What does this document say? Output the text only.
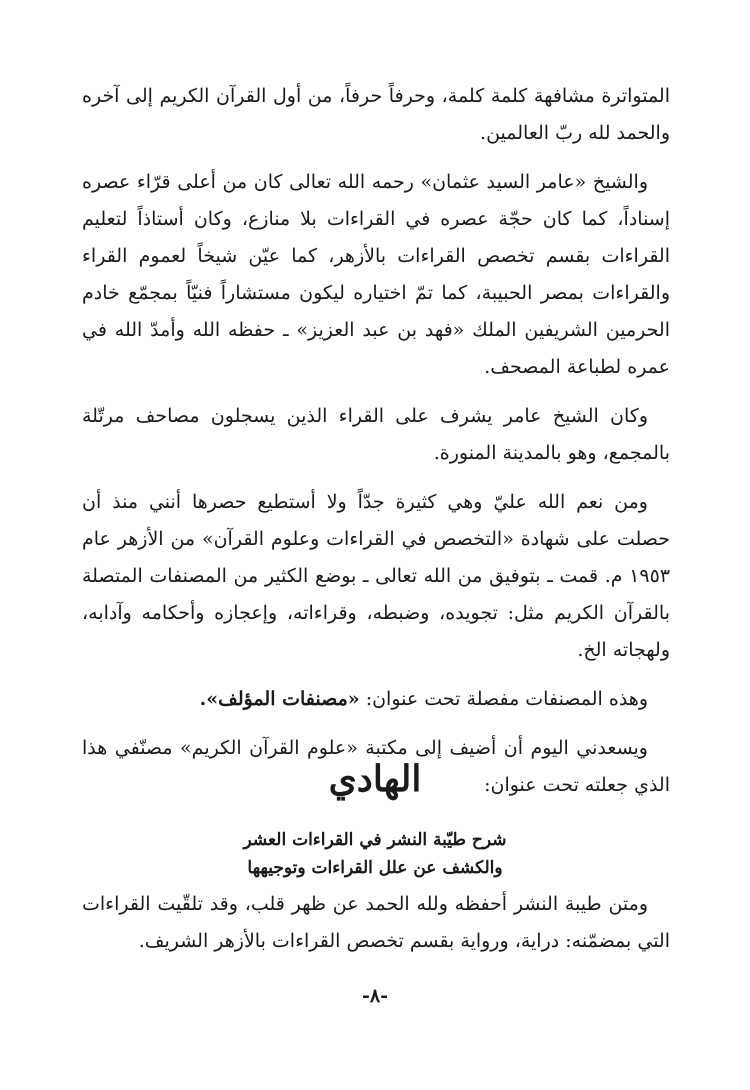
المتواترة مشافهة كلمة كلمة، وحرفاً حرفاً، من أول القرآن الكريم إلى آخره والحمد لله ربّ العالمين.

والشيخ «عامر السيد عثمان» رحمه الله تعالى كان من أعلى قرّاء عصره إسناداً، كما كان حجّة عصره في القراءات بلا منازع، وكان أستاذاً لتعليم القراءات بقسم تخصص القراءات بالأزهر، كما عيّن شيخاً لعموم القراء والقراءات بمصر الحبيبة، كما تمّ اختياره ليكون مستشاراً فنيّاً بمجمّع خادم الحرمين الشريفين الملك «فهد بن عبد العزيز» ـ حفظه الله وأمدّ الله في عمره لطباعة المصحف.

وكان الشيخ عامر يشرف على القراء الذين يسجلون مصاحف مرتّلة بالمجمع، وهو بالمدينة المنورة.

ومن نعم الله عليّ وهي كثيرة جدّاً ولا أستطيع حصرها أنني منذ أن حصلت على شهادة «التخصص في القراءات وعلوم القرآن» من الأزهر عام ١٩٥٣ م. قمت ـ بتوفيق من الله تعالى ـ بوضع الكثير من المصنفات المتصلة بالقرآن الكريم مثل: تجويده، وضبطه، وقراءاته، وإعجازه وأحكامه وآدابه، ولهجاته الخ.

وهذه المصنفات مفصلة تحت عنوان: «مصنفات المؤلف».

ويسعدني اليوم أن أضيف إلى مكتبة «علوم القرآن الكريم» مصنّفي هذا الذي جعلته تحت عنوان:

الهادي
شرح طيّبة النشر في القراءات العشر
والكشف عن علل القراءات وتوجيهها

ومتن طيبة النشر أحفظه ولله الحمد عن ظهر قلب، وقد تلقّيت القراءات التي بمضمّنه: دراية، ورواية بقسم تخصص القراءات بالأزهر الشريف.

-٨-
